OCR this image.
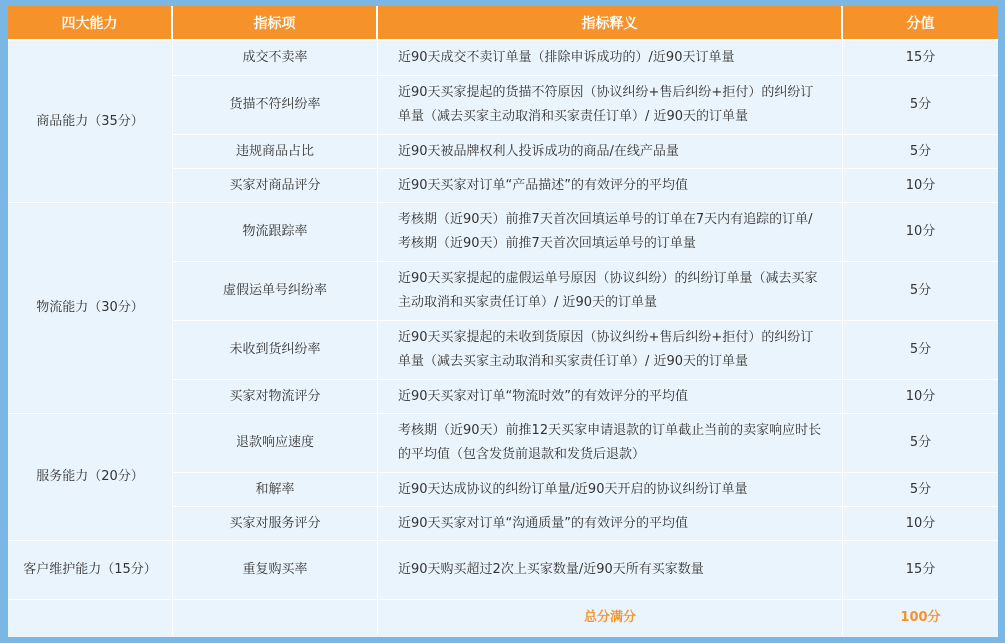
四大能力	指标项	指标释义	分值
商品能力（35分）	成交不卖率	近90天成交不卖订单量（排除申诉成功的）/近90天订单量	15分
	货描不符纠纷率	近90天买家提起的货描不符原因（协议纠纷+售后纠纷+拒付）的纠纷订单量（减去买家主动取消和买家责任订单）/ 近90天的订单量	5分
	违规商品占比	近90天被品牌权利人投诉成功的商品/在线产品量	5分
	买家对商品评分	近90天买家对订单“产品描述”的有效评分的平均值	10分
物流能力（30分）	物流跟踪率	考核期（近90天）前推7天首次回填运单号的订单在7天内有追踪的订单/考核期（近90天）前推7天首次回填运单号的订单量	10分
	虚假运单号纠纷率	近90天买家提起的虚假运单号原因（协议纠纷）的纠纷订单量（减去买家主动取消和买家责任订单）/ 近90天的订单量	5分
	未收到货纠纷率	近90天买家提起的未收到货原因（协议纠纷+售后纠纷+拒付）的纠纷订单量（减去买家主动取消和买家责任订单）/ 近90天的订单量	5分
	买家对物流评分	近90天买家对订单“物流时效”的有效评分的平均值	10分
服务能力（20分）	退款响应速度	考核期（近90天）前推12天买家申请退款的订单截止当前的卖家响应时长的平均值（包含发货前退款和发货后退款）	5分
	和解率	近90天达成协议的纠纷订单量/近90天开启的协议纠纷订单量	5分
	买家对服务评分	近90天买家对订单“沟通质量”的有效评分的平均值	10分
客户维护能力（15分）	重复购买率	近90天购买超过2次上买家数量/近90天所有买家数量	15分
		总分满分	100分
